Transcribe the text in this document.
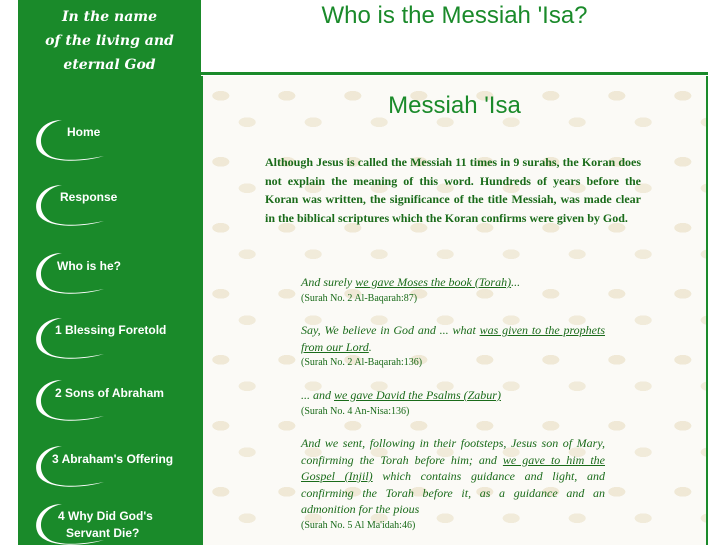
In the name
of the living and
eternal God
Home
Response
Who is he?
1 Blessing Foretold
2 Sons of Abraham
3 Abraham's Offering
4 Why Did God's
Servant Die?
Who is the Messiah 'Isa?
Messiah 'Isa
Although Jesus is called the Messiah 11 times in 9 surahs, the Koran does not explain the meaning of this word. Hundreds of years before the Koran was written, the significance of the title Messiah, was made clear in the biblical scriptures which the Koran confirms were given by God.
And surely we gave Moses the book (Torah)...
(Surah No. 2 Al-Baqarah:87)
Say, We believe in God and ... what was given to the prophets from our Lord.
(Surah No. 2 Al-Baqarah:136)
... and we gave David the Psalms (Zabur)
(Surah No. 4 An-Nisa:136)
And we sent, following in their footsteps, Jesus son of Mary, confirming the Torah before him; and we gave to him the Gospel (Injil) which contains guidance and light, and confirming the Torah before it, as a guidance and an admonition for the pious
(Surah No. 5 Al Ma'idah:46)
